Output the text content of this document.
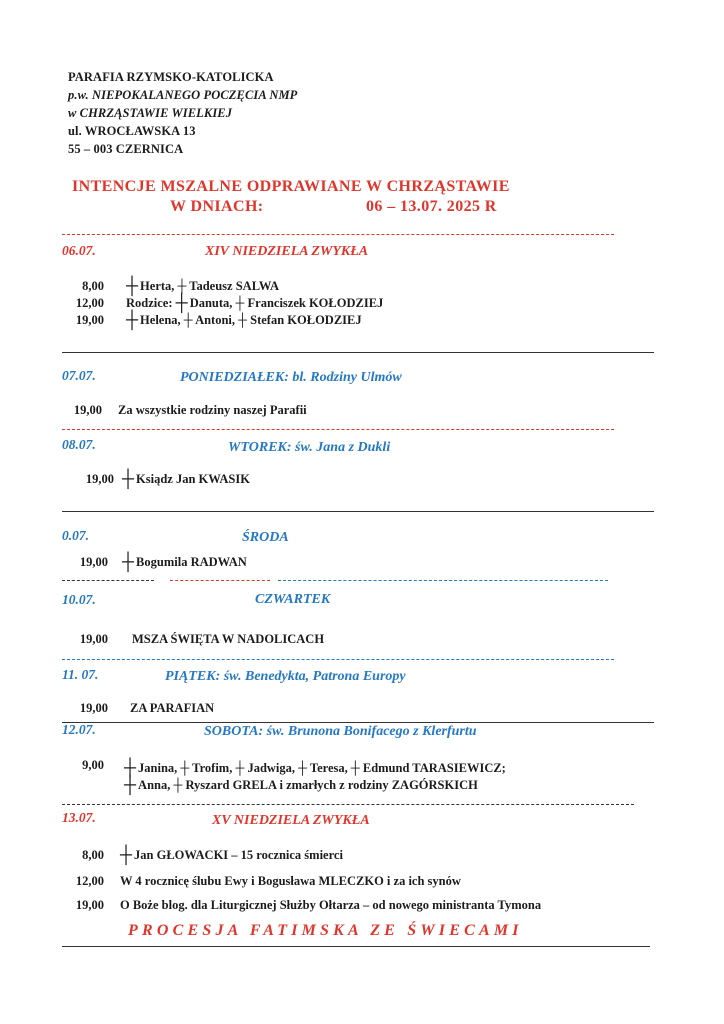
PARAFIA RZYMSKO-KATOLICKA
p.w. NIEPOKALANEGO POCZĘCIA NMP
w CHRZĄSTAWIE WIELKIEJ
ul. WROCŁAWSKA 13
55 – 003 CZERNICA
INTENCJE MSZALNE ODPRAWIANE W CHRZĄSTAWIE
W DNIACH:	06 – 13.07. 2025 R
06.07.	XIV NIEDZIELA ZWYKŁA
8,00 ┼ Herta, ┼ Tadeusz SALWA
12,00 Rodzice: ┼ Danuta, ┼ Franciszek KOŁODZIEJ
19,00 ┼ Helena, ┼ Antoni, ┼ Stefan KOŁODZIEJ
07.07.	PONIEDZIAŁEK: bl. Rodziny Ulmów
19,00 Za wszystkie rodziny naszej Parafii
08.07.	WTOREK: św. Jana z Dukli
19,00 ┼ Ksiądz Jan KWASIK
0.07.	ŚRODA
19,00 ┼ Bogumila RADWAN
10.07.	CZWARTEK
19,00 MSZA ŚWIĘTA W NADOLICACH
11. 07.	PIĄTEK: św. Benedykta, Patrona Europy
19,00 ZA PARAFIAN
12.07.	SOBOTA: św. Brunona Bonifacego z Klerfurtu
9,00 ┼ Janina, ┼ Trofim, ┼ Jadwiga, ┼ Teresa, ┼ Edmund TARASIEWICZ;
┼ Anna, ┼ Ryszard GRELA i zmarłych z rodziny ZAGÓRSKICH
13.07.	XV NIEDZIELA ZWYKŁA
8,00 ┼ Jan GŁOWACKI – 15 rocznica śmierci
12,00 W 4 rocznicę ślubu Ewy i Bogusława MLECZKO i za ich synów
19,00 O Boże blog. dla Liturgicznej Służby Ołtarza – od nowego ministranta Tymona
PROCESJA FATIMSKA ZE ŚWIECAMI
